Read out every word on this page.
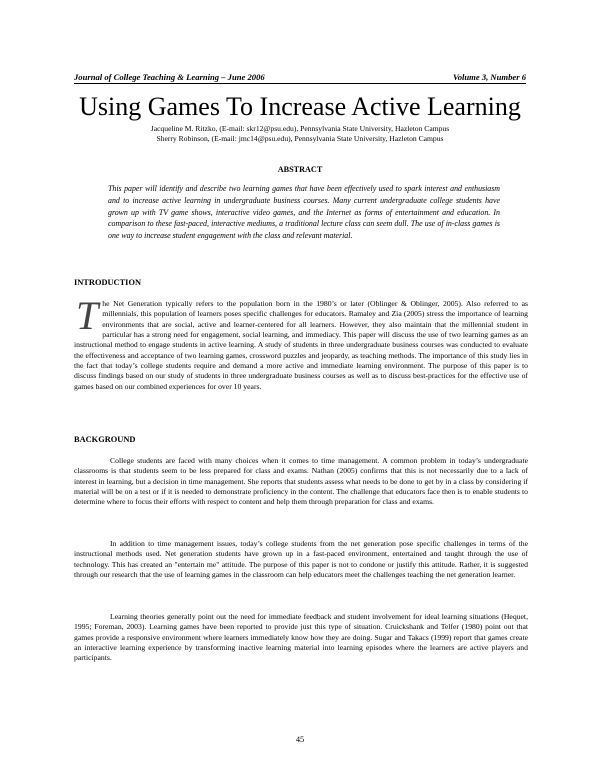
Journal of College Teaching & Learning – June 2006	Volume 3, Number 6
Using Games To Increase Active Learning
Jacqueline M. Ritzko, (E-mail: skr12@psu.edu), Pennsylvania State University, Hazleton Campus
Sherry Robinson, (E-mail: jmc14@psu.edu), Pennsylvania State University, Hazleton Campus
ABSTRACT
This paper will identify and describe two learning games that have been effectively used to spark interest and enthusiasm and to increase active learning in undergraduate business courses. Many current undergraduate college students have grown up with TV game shows, interactive video games, and the Internet as forms of entertainment and education. In comparison to these fast-paced, interactive mediums, a traditional lecture class can seem dull. The use of in-class games is one way to increase student engagement with the class and relevant material.
INTRODUCTION
The Net Generation typically refers to the population born in the 1980’s or later (Oblinger & Oblinger, 2005). Also referred to as millennials, this population of learners poses specific challenges for educators. Ramaley and Zia (2005) stress the importance of learning environments that are social, active and learner-centered for all learners. However, they also maintain that the millennial student in particular has a strong need for engagement, social learning, and immediacy. This paper will discuss the use of two learning games as an instructional method to engage students in active learning. A study of students in three undergraduate business courses was conducted to evaluate the effectiveness and acceptance of two learning games, crossword puzzles and jeopardy, as teaching methods. The importance of this study lies in the fact that today’s college students require and demand a more active and immediate learning environment. The purpose of this paper is to discuss findings based on our study of students in three undergraduate business courses as well as to discuss best-practices for the effective use of games based on our combined experiences for over 10 years.
BACKGROUND
College students are faced with many choices when it comes to time management. A common problem in today’s undergraduate classrooms is that students seem to be less prepared for class and exams. Nathan (2005) confirms that this is not necessarily due to a lack of interest in learning, but a decision in time management. She reports that students assess what needs to be done to get by in a class by considering if material will be on a test or if it is needed to demonstrate proficiency in the content. The challenge that educators face then is to enable students to determine where to focus their efforts with respect to content and help them through preparation for class and exams.
In addition to time management issues, today’s college students from the net generation pose specific challenges in terms of the instructional methods used. Net generation students have grown up in a fast-paced environment, entertained and taught through the use of technology. This has created an "entertain me" attitude. The purpose of this paper is not to condone or justify this attitude. Rather, it is suggested through our research that the use of learning games in the classroom can help educators meet the challenges teaching the net generation learner.
Learning theories generally point out the need for immediate feedback and student involvement for ideal learning situations (Hequet, 1995; Foreman, 2003). Learning games have been reported to provide just this type of situation. Cruickshank and Telfer (1980) point out that games provide a responsive environment where learners immediately know how they are doing. Sugar and Takacs (1999) report that games create an interactive learning experience by transforming inactive learning material into learning episodes where the learners are active players and participants.
45
